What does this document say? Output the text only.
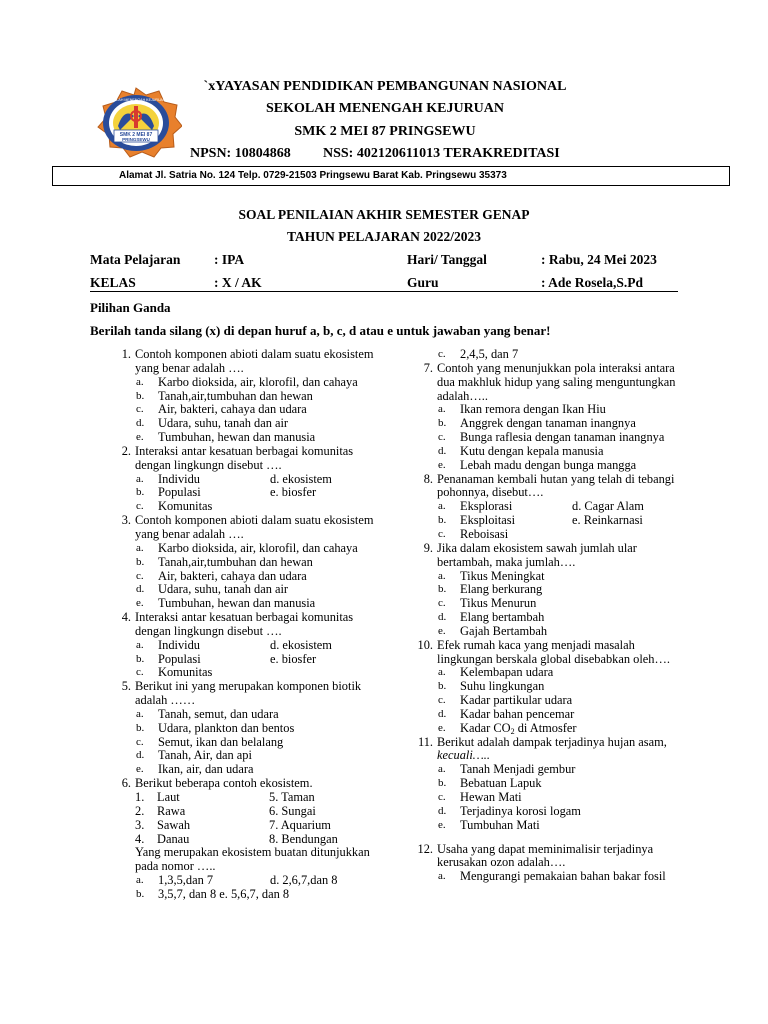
SMK 2 MEI 87
PRINGSEWU
SEKOLAH MENENGAH KEJURUAN
`xYAYASAN PENDIDIKAN PEMBANGUNAN NASIONAL
SEKOLAH MENENGAH KEJURUAN
SMK 2 MEI 87 PRINGSEWU
NPSN: 10804868	NSS: 402120611013 TERAKREDITASI
Alamat Jl. Satria No. 124 Telp. 0729-21503 Pringsewu Barat Kab. Pringsewu 35373
SOAL PENILAIAN AKHIR SEMESTER GENAP
TAHUN PELAJARAN 2022/2023
Mata Pelajaran : IPA	Hari/ Tanggal	: Rabu, 24 Mei 2023
KELAS	: X / AK	Guru	: Ade Rosela,S.Pd
Pilihan Ganda
Berilah tanda silang (x) di depan huruf a, b, c, d atau e untuk jawaban yang benar!
1. Contoh komponen abioti dalam suatu ekosistem yang benar adalah ….
a. Karbo dioksida, air, klorofil, dan cahaya
b. Tanah,air,tumbuhan dan hewan
c. Air, bakteri, cahaya dan udara
d. Udara, suhu, tanah dan air
e. Tumbuhan, hewan dan manusia
2. Interaksi antar kesatuan berbagai komunitas dengan lingkungn disebut ….
a. Individu	d. ekosistem
b. Populasi	e. biosfer
c. Komunitas
3. Contoh komponen abioti dalam suatu ekosistem yang benar adalah ….
a. Karbo dioksida, air, klorofil, dan cahaya
b. Tanah,air,tumbuhan dan hewan
c. Air, bakteri, cahaya dan udara
d. Udara, suhu, tanah dan air
e. Tumbuhan, hewan dan manusia
4. Interaksi antar kesatuan berbagai komunitas dengan lingkungn disebut ….
a. Individu	d. ekosistem
b. Populasi	e. biosfer
c. Komunitas
5. Berikut ini yang merupakan komponen biotik adalah ……
a. Tanah, semut, dan udara
b. Udara, plankton dan bentos
c. Semut, ikan dan belalang
d. Tanah, Air, dan api
e. Ikan, air, dan udara
6. Berikut beberapa contoh ekosistem.
1.	Laut	5. Taman
2.	Rawa	6. Sungai
3.	Sawah	7. Aquarium
4.	Danau	8. Bendungan
Yang merupakan ekosistem buatan ditunjukkan pada nomor …..
a. 1,3,5,dan 7	d. 2,6,7,dan 8
b. 3,5,7, dan 8 e. 5,6,7, dan 8
c. 2,4,5, dan 7
7. Contoh yang menunjukkan pola interaksi antara dua makhluk hidup yang saling menguntungkan adalah…..
a. Ikan remora dengan Ikan Hiu
b. Anggrek dengan tanaman inangnya
c. Bunga raflesia dengan tanaman inangnya
d. Kutu dengan kepala manusia
e. Lebah madu dengan bunga mangga
8. Penanaman kembali hutan yang telah di tebangi pohonnya, disebut….
a. Eksplorasi	d. Cagar Alam
b. Eksploitasi	e. Reinkarnasi
c. Reboisasi
9. Jika dalam ekosistem sawah jumlah ular bertambah, maka jumlah….
a. Tikus Meningkat
b. Elang berkurang
c. Tikus Menurun
d. Elang bertambah
e. Gajah Bertambah
10. Efek rumah kaca yang menjadi masalah lingkungan berskala global disebabkan oleh….
a. Kelembapan udara
b. Suhu lingkungan
c. Kadar partikular udara
d. Kadar bahan pencemar
e. Kadar $CO_2$ di Atmosfer
11. Berikut adalah dampak terjadinya hujan asam, kecuali…..
a. Tanah Menjadi gembur
b. Bebatuan Lapuk
c. Hewan Mati
d. Terjadinya korosi logam
e. Tumbuhan Mati
12. Usaha yang dapat meminimalisir terjadinya kerusakan ozon adalah….
a. Mengurangi pemakaian bahan bakar fosil
